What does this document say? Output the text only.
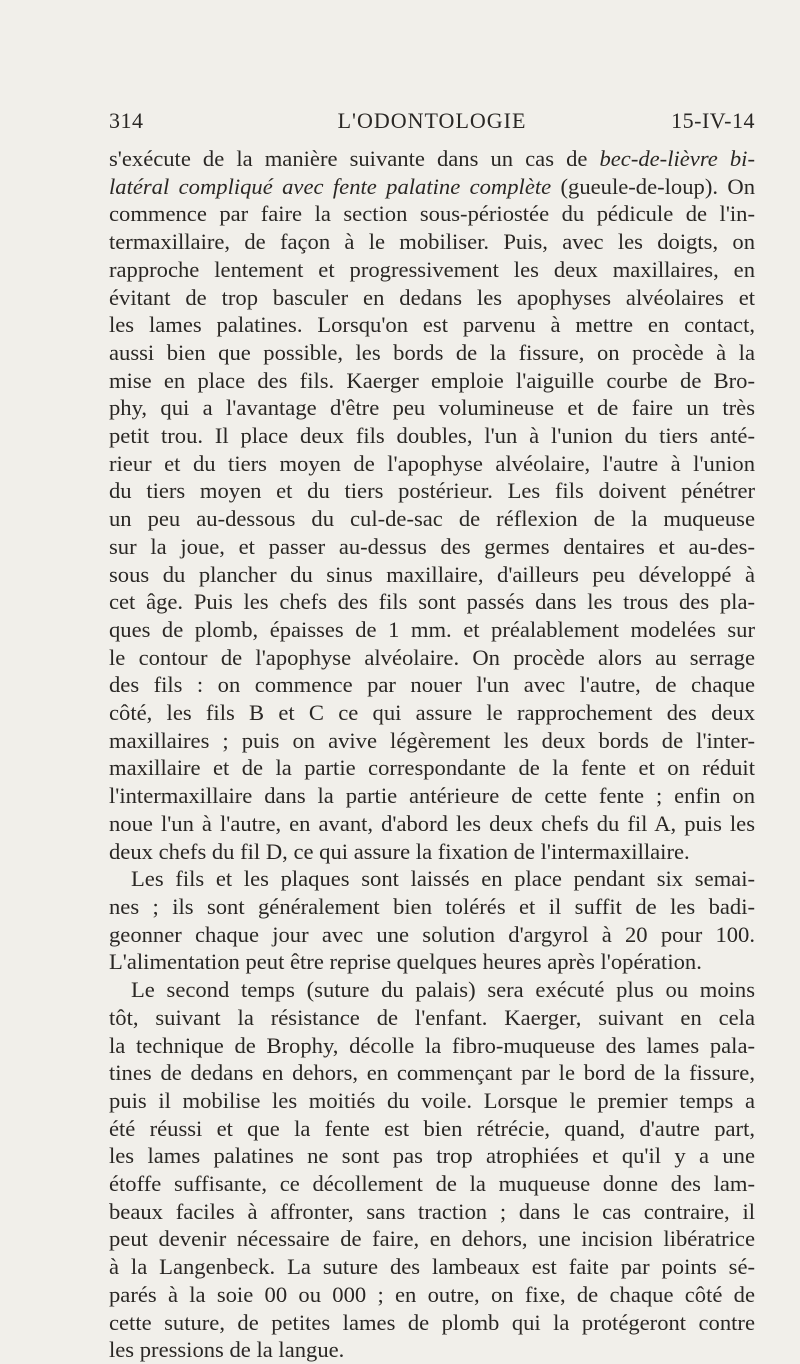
314	L'ODONTOLOGIE	15-IV-14
s'exécute de la manière suivante dans un cas de bec-de-lièvre bi-
latéral compliqué avec fente palatine complète (gueule-de-loup). On
commence par faire la section sous-périostée du pédicule de l'in-
termaxillaire, de façon à le mobiliser. Puis, avec les doigts, on
rapproche lentement et progressivement les deux maxillaires, en
évitant de trop basculer en dedans les apophyses alvéolaires et
les lames palatines. Lorsqu'on est parvenu à mettre en contact,
aussi bien que possible, les bords de la fissure, on procède à la
mise en place des fils. Kaerger emploie l'aiguille courbe de Bro-
phy, qui a l'avantage d'être peu volumineuse et de faire un très
petit trou. Il place deux fils doubles, l'un à l'union du tiers anté-
rieur et du tiers moyen de l'apophyse alvéolaire, l'autre à l'union
du tiers moyen et du tiers postérieur. Les fils doivent pénétrer
un peu au-dessous du cul-de-sac de réflexion de la muqueuse
sur la joue, et passer au-dessus des germes dentaires et au-des-
sous du plancher du sinus maxillaire, d'ailleurs peu développé à
cet âge. Puis les chefs des fils sont passés dans les trous des pla-
ques de plomb, épaisses de 1 mm. et préalablement modelées sur
le contour de l'apophyse alvéolaire. On procède alors au serrage
des fils : on commence par nouer l'un avec l'autre, de chaque
côté, les fils B et C ce qui assure le rapprochement des deux
maxillaires ; puis on avive légèrement les deux bords de l'inter-
maxillaire et de la partie correspondante de la fente et on réduit
l'intermaxillaire dans la partie antérieure de cette fente ; enfin on
noue l'un à l'autre, en avant, d'abord les deux chefs du fil A, puis les
deux chefs du fil D, ce qui assure la fixation de l'intermaxillaire.
Les fils et les plaques sont laissés en place pendant six semai-
nes ; ils sont généralement bien tolérés et il suffit de les badi-
geonner chaque jour avec une solution d'argyrol à 20 pour 100.
L'alimentation peut être reprise quelques heures après l'opération.
Le second temps (suture du palais) sera exécuté plus ou moins
tôt, suivant la résistance de l'enfant. Kaerger, suivant en cela
la technique de Brophy, décolle la fibro-muqueuse des lames pala-
tines de dedans en dehors, en commençant par le bord de la fissure,
puis il mobilise les moitiés du voile. Lorsque le premier temps a
été réussi et que la fente est bien rétrécie, quand, d'autre part,
les lames palatines ne sont pas trop atrophiées et qu'il y a une
étoffe suffisante, ce décollement de la muqueuse donne des lam-
beaux faciles à affronter, sans traction ; dans le cas contraire, il
peut devenir nécessaire de faire, en dehors, une incision libératrice
à la Langenbeck. La suture des lambeaux est faite par points sé-
parés à la soie 00 ou 000 ; en outre, on fixe, de chaque côté de
cette suture, de petites lames de plomb qui la protégeront contre
les pressions de la langue.
